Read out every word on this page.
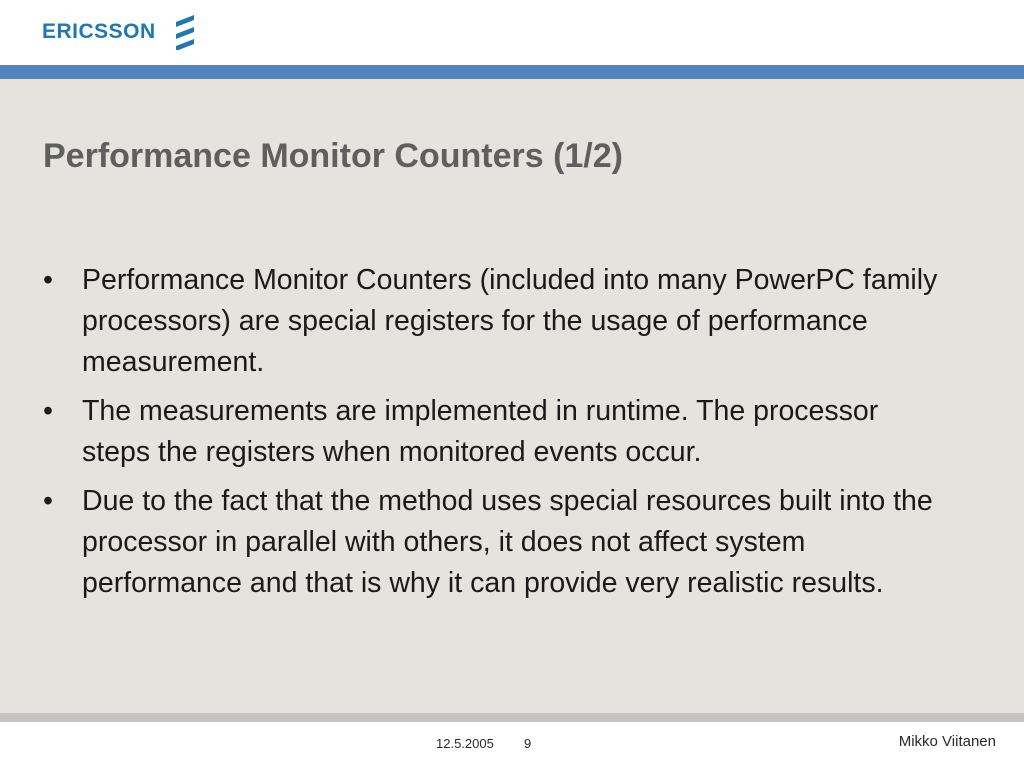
ERICSSON
Performance Monitor Counters (1/2)
• Performance Monitor Counters (included into many PowerPC family processors) are special registers for the usage of performance measurement.
• The measurements are implemented in runtime. The processor steps the registers when monitored events occur.
• Due to the fact that the method uses special resources built into the processor in parallel with others, it does not affect system performance and that is why it can provide very realistic results.
12.5.2005 9	Mikko Viitanen
